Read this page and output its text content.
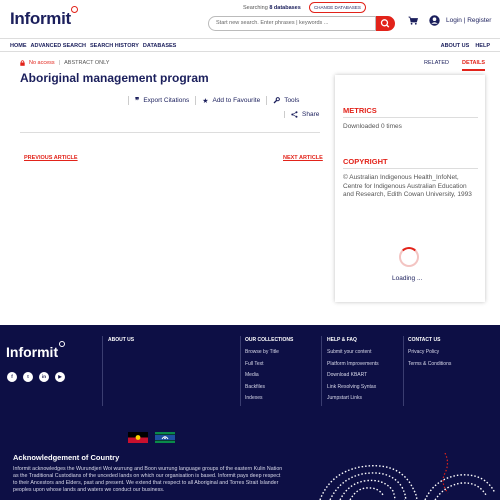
Informit
Searching 8 databases	CHANGE DATABASES
Start new search. Enter phrases | keywords ...	Login | Register
HOME ADVANCED SEARCH SEARCH HISTORY DATABASES	ABOUT US HELP
No access | ABSTRACT ONLY
Aboriginal management program
❞ Export Citations ★ Add to Favourite	Tools
Share
PREVIOUS ARTICLE	NEXT ARTICLE
RELATED DETAILS
METRICS
Downloaded 0 times
COPYRIGHT
© Australian Indigenous Health_InfoNet, Centre for Indigenous Australian Education and Research, Edith Cowan University, 1993
Loading ...
Informit
f	t	in	▶
ABOUT US	OUR COLLECTIONS
Browse by Title
Full Text
Media
Backfiles
Indexes
HELP & FAQ
Submit your content
Platform Improvements
Download KBART
Link Resolving Syntax
Jumpstart Links
CONTACT US
Privacy Policy
Terms & Conditions
Acknowledgement of Country
Informit acknowledges the Wurundjeri Woi wurrung and Boon wurrung language groups of the eastern Kulin Nation as the Traditional Custodians of the unceded lands on which our organisation is based. Informit pays deep respect to their Ancestors and Elders, past and present. We extend that respect to all Aboriginal and Torres Strait Islander peoples upon whose lands and waters we conduct our business.
